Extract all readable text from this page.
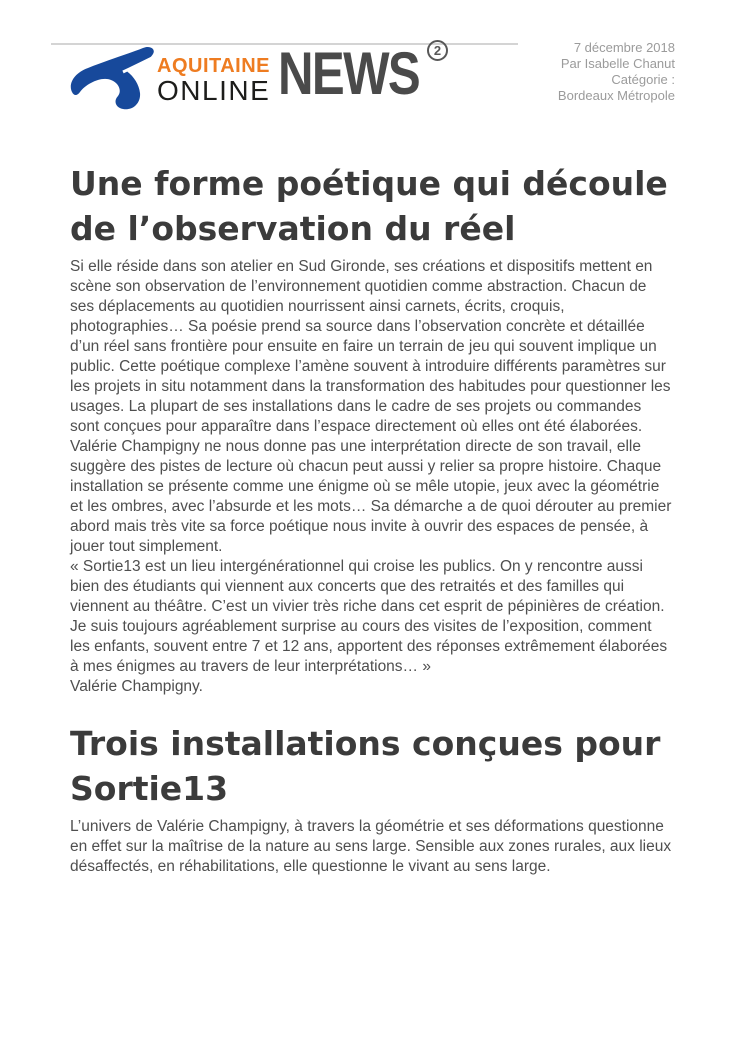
AQUITAINE
ONLINE NEWS	2	7 décembre 2018
Par Isabelle Chanut
Catégorie :
Bordeaux Métropole
Une forme poétique qui découle de l’observation du réel

Si elle réside dans son atelier en Sud Gironde, ses créations et dispositifs mettent en scène son observation de l’environnement quotidien comme abstraction. Chacun de ses déplacements au quotidien nourrissent ainsi carnets, écrits, croquis, photographies… Sa poésie prend sa source dans l’observation concrète et détaillée d’un réel sans frontière pour ensuite en faire un terrain de jeu qui souvent implique un public. Cette poétique complexe l’amène souvent à introduire différents paramètres sur les projets in situ notamment dans la transformation des habitudes pour questionner les usages. La plupart de ses installations dans le cadre de ses projets ou commandes sont conçues pour apparaître dans l’espace directement où elles ont été élaborées.

Valérie Champigny ne nous donne pas une interprétation directe de son travail, elle suggère des pistes de lecture où chacun peut aussi y relier sa propre histoire. Chaque installation se présente comme une énigme où se mêle utopie, jeux avec la géométrie et les ombres, avec l’absurde et les mots… Sa démarche a de quoi dérouter au premier abord mais très vite sa force poétique nous invite à ouvrir des espaces de pensée, à jouer tout simplement.

« Sortie13 est un lieu intergénérationnel qui croise les publics. On y rencontre aussi bien des étudiants qui viennent aux concerts que des retraités et des familles qui viennent au théâtre. C’est un vivier très riche dans cet esprit de pépinières de création. Je suis toujours agréablement surprise au cours des visites de l’exposition, comment les enfants, souvent entre 7 et 12 ans, apportent des réponses extrêmement élaborées à mes énigmes au travers de leur interprétations… »

Valérie Champigny.

Trois installations conçues pour Sortie13

L’univers de Valérie Champigny, à travers la géométrie et ses déformations questionne en effet sur la maîtrise de la nature au sens large. Sensible aux zones rurales, aux lieux désaffectés, en réhabilitations, elle questionne le vivant au sens large.
